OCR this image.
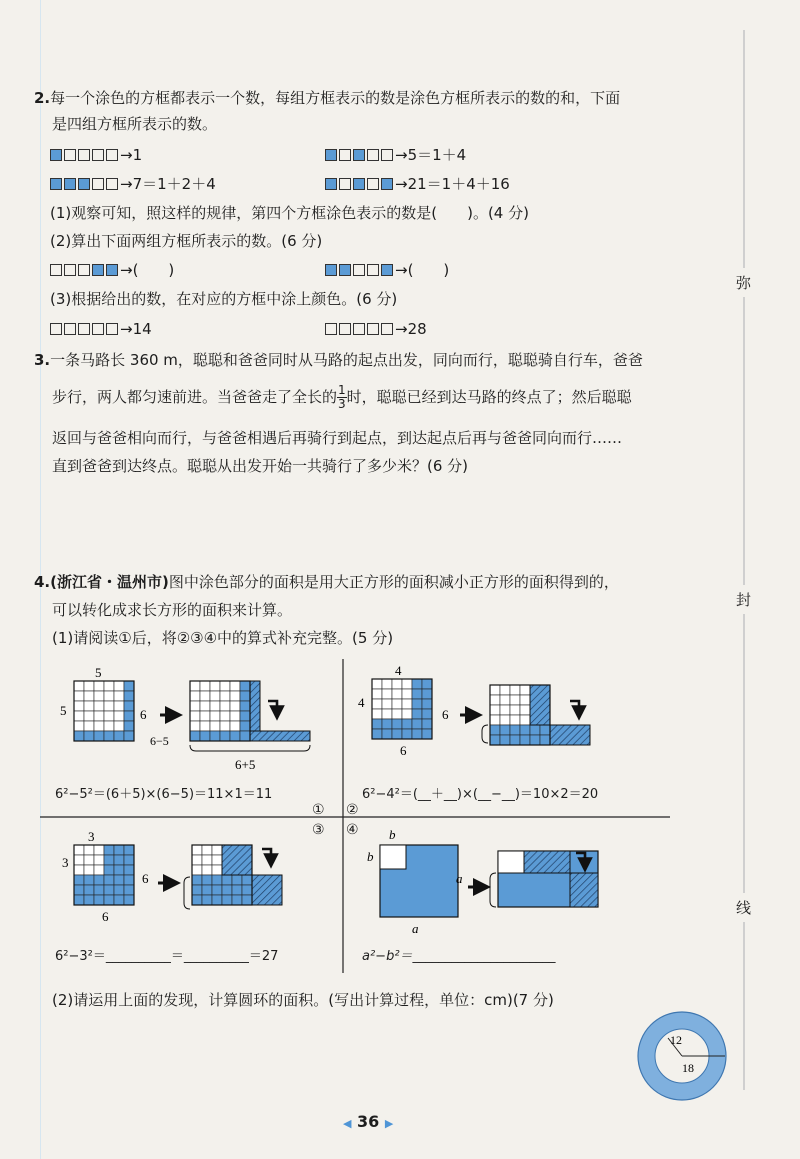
弥
封
线
2.每一个涂色的方框都表示一个数，每组方框表示的数是涂色方框所表示的数的和，下面
是四组方框所表示的数。
→1	→5＝1＋4
→7＝1＋2＋4	→21＝1＋4＋16
(1)观察可知，照这样的规律，第四个方框涂色表示的数是(　　)。(4 分)
(2)算出下面两组方框所表示的数。(6 分)
→(　　)	→(　　)
(3)根据给出的数，在对应的方框中涂上颜色。(6 分)
→14	→28
3.一条马路长 360 m，聪聪和爸爸同时从马路的起点出发，同向而行，聪聪骑自行车，爸爸
步行，两人都匀速前进。当爸爸走了全长的 $\frac{1}{3}$ 时，聪聪已经到达马路的终点了；然后聪聪
返回与爸爸相向而行，与爸爸相遇后再骑行到起点，到达起点后再与爸爸同向而行……
直到爸爸到达终点。聪聪从出发开始一共骑行了多少米？(6 分)
4.(浙江省・温州市)图中涂色部分的面积是用大正方形的面积减小正方形的面积得到的，
可以转化成求长方形的面积来计算。
(1)请阅读①后，将②③④中的算式补充完整。(5 分)
5
5	6
6−5
6+5
4
4
6
6
3
3
6
6
b
b
a
a
6²−5²＝(6＋5)×(6−5)＝11×1＝11	6²−4²＝(__＋__)×(__−__)＝10×2＝20
① ②
③ ④
6²−3²＝__________＝__________＝27	a²−b²＝______________________
(2)请运用上面的发现，计算圆环的面积。(写出计算过程，单位：cm)(7 分)
12
18
◀ 36 ▶
